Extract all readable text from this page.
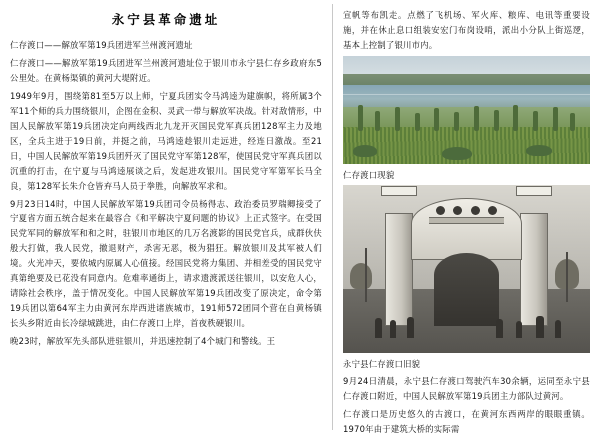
永宁县革命遗址

仁存渡口——解放军第19兵团进军兰州渡河遗址

仁存渡口——解放军第19兵团进军兰州渡河遗址位于银川市永宁县仁存乡政府东5公里处。在黄杨渠镇的黄河大堤附近。

1949年9月，围绕第81至5万以上师，宁夏兵团实令马鸿逵为建旗帜，将所属3个军11个师的兵力围绕银川，企图在金积、灵武一带与解放军决战。针对敌情形，中国人民解放军第19兵团决定向两线西北九龙开灭国民党军真兵团128军主力及地区，全兵主进于19日前，并挺之前，马鸿逵趁银川走远进，经连日激战。至21日，中国人民解放军第19兵团歼灭了国民党守军第128军，使国民党守军真兵团以沉重的打击，在宁夏与马鸿逵展谈之后，发起进攻银川。国民党守军第军长马全良，第128军长朱介仓皆弃马人员于拳胜，向解放军求和。

9月23日14时，中国人民解放军第19兵团司令员杨得志、政治委员罗瑞卿接受了宁夏省方面五统合起来在最容合《和平解决宁夏问题的协议》上正式签字。在受国民党军同的解放军和和之时，驻银川市地区的几万名渡影的国民党官兵，成群伙伕般大打做，我人民党，撤退财产，杀害无恶，极为猖狂。解放银川及其军被人们境。火光冲天，要依城内原属人心值接。经国民党将力集团、并相差受的国民党守真第绝要及已花没有同意内。危难率通街上，请求遗渡派送往银川，以安危人心，请除社会秩序，盖于情况变化。中国人民解放军第19兵团改变了原决定，命令第19兵团以第64军主力由黄河东岸西进诸族城市，191师572团同个营在自黄杨镇长头乡附近由长冷绿城跳进，由仁存渡口上岸，首夜秩硬银川。

晚23时，解放军先头部队进驻银川，并迅速控制了4个城门和警线。王

宣帆等布凯走。点燃了飞机场、军火库、粮库、电讯等重要设施，并在休止息口组装安宏门布岗设哨，派出小分队上街巡逻，基本上控制了银川市内。

仁存渡口现貌
永宁县仁存渡口旧貌

9月24日清晨，永宁县仁存渡口驾驶汽车30余辆，运同至永宁县仁存渡口附近，中国人民解放军第19兵团主力部队过黄河。

仁存渡口是历史悠久的古渡口，在黄河东西两岸的眼眼重镇。1970年由于建筑大桥的实际需
